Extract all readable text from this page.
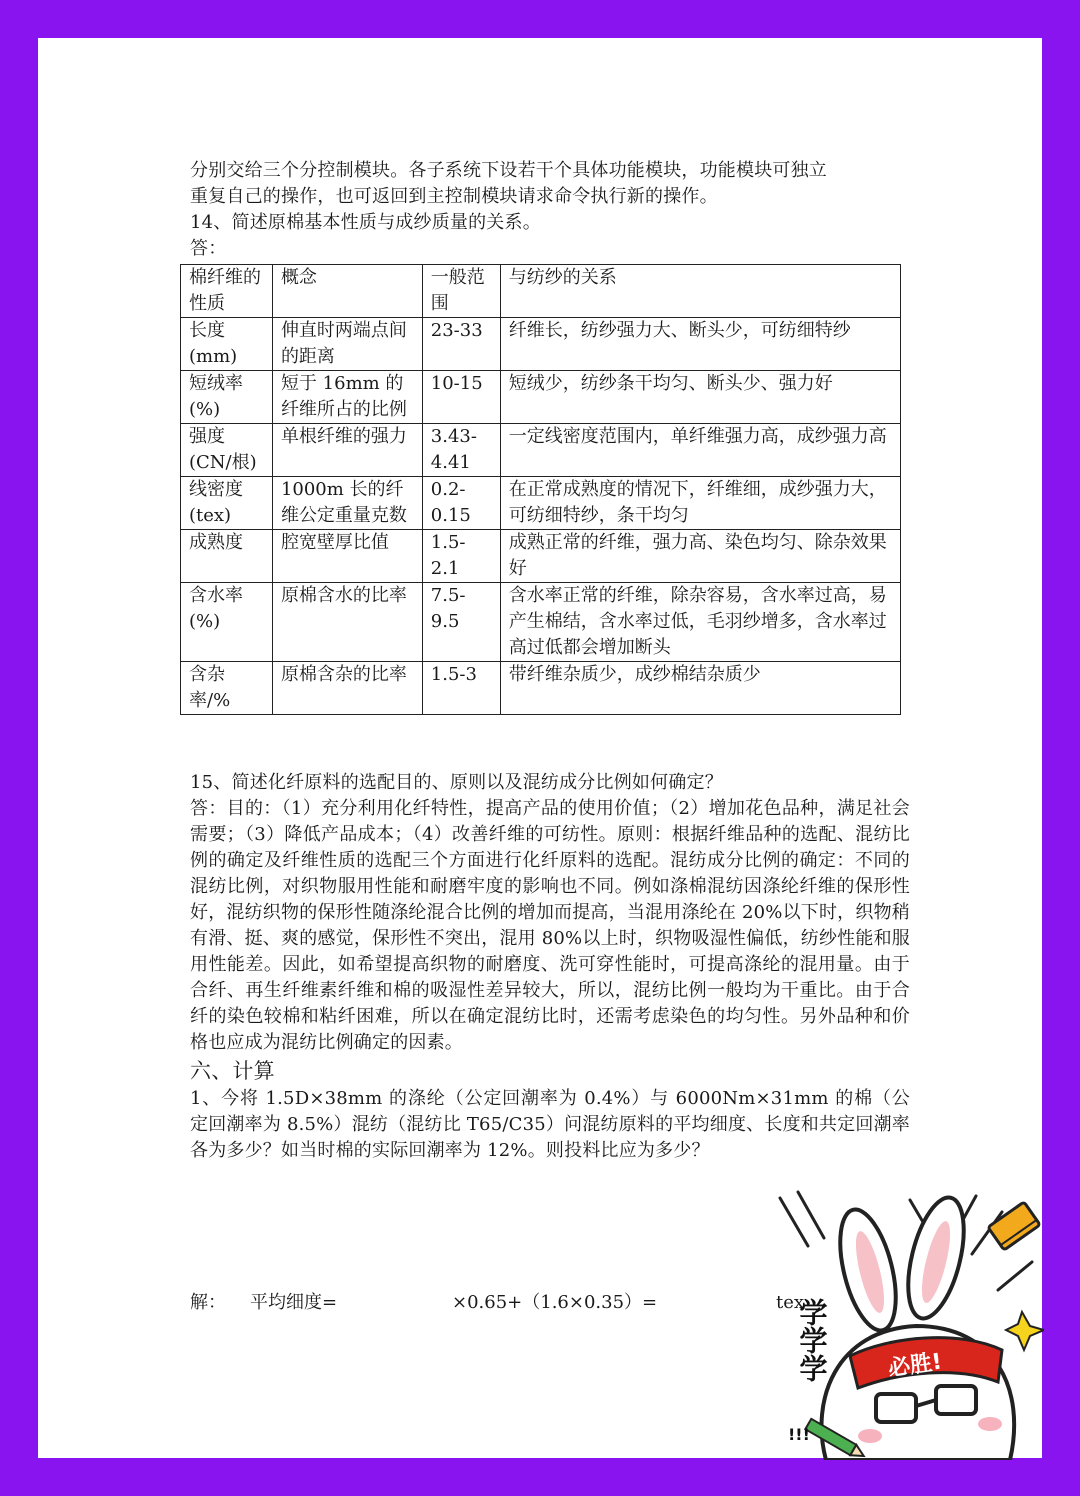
分别交给三个分控制模块。各子系统下设若干个具体功能模块，功能模块可独立

重复自己的操作，也可返回到主控制模块请求命令执行新的操作。

14、简述原棉基本性质与成纱质量的关系。

答：

棉纤维的性质	概念	一般范围	与纺纱的关系
长度(mm)	伸直时两端点间的距离	23-33	纤维长，纺纱强力大、断头少，可纺细特纱
短绒率(%)	短于 16mm 的纤维所占的比例	10-15	短绒少，纺纱条干均匀、断头少、强力好
强度(CN/根)	单根纤维的强力	3.43-4.41	一定线密度范围内，单纤维强力高，成纱强力高
线密度(tex)	1000m 长的纤维公定重量克数	0.2-0.15	在正常成熟度的情况下，纤维细，成纱强力大，可纺细特纱，条干均匀
成熟度	腔宽壁厚比值	1.5-2.1	成熟正常的纤维，强力高、染色均匀、除杂效果好
含水率(%)	原棉含水的比率	7.5-9.5	含水率正常的纤维，除杂容易，含水率过高，易产生棉结，含水率过低，毛羽纱增多，含水率过高过低都会增加断头
含杂率/%	原棉含杂的比率	1.5-3	带纤维杂质少，成纱棉结杂质少

15、简述化纤原料的选配目的、原则以及混纺成分比例如何确定？

答：目的：（1）充分利用化纤特性，提高产品的使用价值；（2）增加花色品种，满足社会需要；（3）降低产品成本；（4）改善纤维的可纺性。原则：根据纤维品种的选配、混纺比例的确定及纤维性质的选配三个方面进行化纤原料的选配。混纺成分比例的确定：不同的混纺比例，对织物服用性能和耐磨牢度的影响也不同。例如涤棉混纺因涤纶纤维的保形性好，混纺织物的保形性随涤纶混合比例的增加而提高，当混用涤纶在 20%以下时，织物稍有滑、挺、爽的感觉，保形性不突出，混用 80%以上时，织物吸湿性偏低，纺纱性能和服用性能差。因此，如希望提高织物的耐磨度、洗可穿性能时，可提高涤纶的混用量。由于合纤、再生纤维素纤维和棉的吸湿性差异较大，所以，混纺比例一般均为干重比。由于合纤的染色较棉和粘纤困难，所以在确定混纺比时，还需考虑染色的均匀性。另外品种和价格也应成为混纺比例确定的因素。

六、计算

1、今将 1.5D×38mm 的涤纶（公定回潮率为 0.4%）与 6000Nm×31mm 的棉（公定回潮率为 8.5%）混纺（混纺比 T65/C35）问混纺原料的平均细度、长度和共定回潮率各为多少？如当时棉的实际回潮率为 12%。则投料比应为多少？

解： 平均细度=	×0.65+（1.6×0.35）=	tex
必胜!
学学学
!!!
